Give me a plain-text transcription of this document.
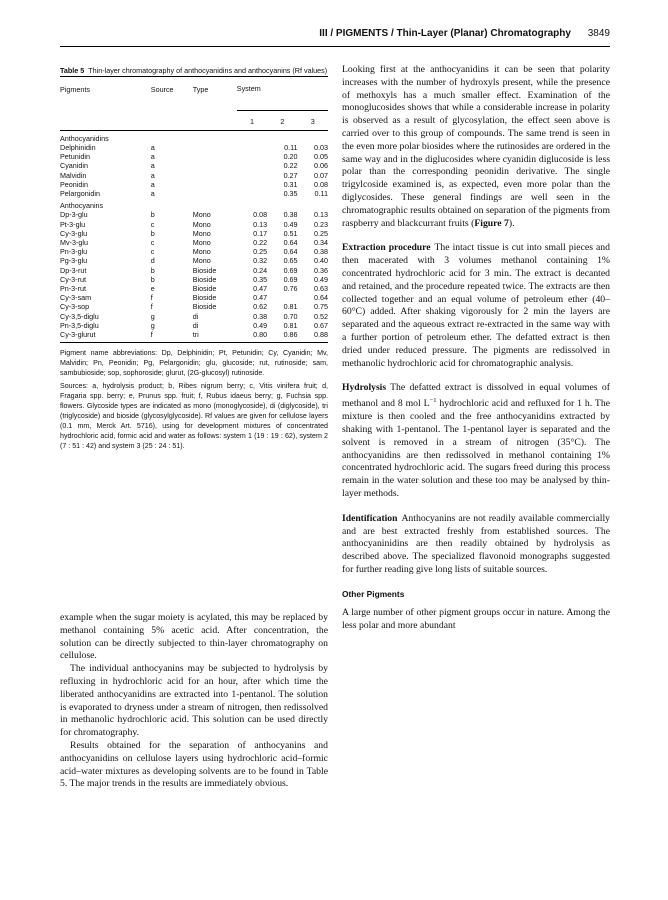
III / PIGMENTS / Thin-Layer (Planar) Chromatography 3849

Table 5 Thin-layer chromatography of anthocyanidins and anthocyanins (Rf values)

Pigments	Source	Type	System		
			1	2	3
Anthocyanidins					
Delphinidin	a			0.11	0.03
Petunidin	a			0.20	0.05
Cyanidin	a			0.22	0.06
Malvidin	a			0.27	0.07
Peonidin	a			0.31	0.08
Pelargonidin	a			0.35	0.11
Anthocyanins					
Dp-3-glu	b	Mono	0.08	0.38	0.13
Pt-3-glu	c	Mono	0.13	0.49	0.23
Cy-3-glu	b	Mono	0.17	0.51	0.25
Mv-3-glu	c	Mono	0.22	0.64	0.34
Pn-3-glu	c	Mono	0.25	0.64	0.38
Pg-3-glu	d	Mono	0.32	0.65	0.40
Dp-3-rut	b	Bioside	0.24	0.69	0.36
Cy-3-rut	b	Bioside	0.35	0.69	0.49
Pn-3-rut	e	Bioside	0.47	0.76	0.63
Cy-3-sam	f	Bioside	0.47		0.64
Cy-3-sop	f	Bioside	0.62	0.81	0.75
Cy-3,5-diglu	g	di	0.38	0.70	0.52
Pn-3,5-diglu	g	di	0.49	0.81	0.67
Cy-3-glurut	f	tri	0.80	0.86	0.88

Pigment name abbreviations: Dp, Delphinidin; Pt, Petunidin; Cy, Cyanidin; Mv, Malvidin; Pn, Peonidin; Pg, Pelargonidin; glu, glucoside; rut, rutinoside; sam, sambubioside; sop, sophoroside; glurut, (2G-glucosyl) rutinoside.

Sources: a, hydrolysis product; b, Ribes nigrum berry; c, Vitis vinifera fruit; d, Fragaria spp. berry; e, Prunus spp. fruit; f, Rubus idaeus berry; g, Fuchsia spp. flowers. Glycoside types are indicated as mono (monoglycoside), di (diglycoside), tri (triglycoside) and bioside (glycosylglycoside). Rf values are given for cellulose layers (0.1 mm, Merck Art. 5716), using for development mixtures of concentrated hydrochloric acid, formic acid and water as follows: system 1 (19 : 19 : 62), system 2 (7 : 51 : 42) and system 3 (25 : 24 : 51).

example when the sugar moiety is acylated, this may be replaced by methanol containing 5% acetic acid. After concentration, the solution can be directly subjected to thin-layer chromatography on cellulose.

The individual anthocyanins may be subjected to hydrolysis by refluxing in hydrochloric acid for an hour, after which time the liberated anthocyanidins are extracted into 1-pentanol. The solution is evaporated to dryness under a stream of nitrogen, then redissolved in methanolic hydrochloric acid. This solution can be used directly for chromatography.

Results obtained for the separation of anthocyanins and anthocyanidins on cellulose layers using hydrochloric acid–formic acid–water mixtures as developing solvents are to be found in Table 5. The major trends in the results are immediately obvious.

Looking first at the anthocyanidins it can be seen that polarity increases with the number of hydroxyls present, while the presence of methoxyls has a much smaller effect. Examination of the monoglucosides shows that while a considerable increase in polarity is observed as a result of glycosylation, the effect seen above is carried over to this group of compounds. The same trend is seen in the even more polar biosides where the rutinosides are ordered in the same way and in the diglucosides where cyanidin diglucoside is less polar than the corresponding peonidin derivative. The single trigylcoside examined is, as expected, even more polar than the diglycosides. These general findings are well seen in the chromatographic results obtained on separation of the pigments from raspberry and blackcurrant fruits (Figure 7).

Extraction procedure The intact tissue is cut into small pieces and then macerated with 3 volumes methanol containing 1% concentrated hydrochloric acid for 3 min. The extract is decanted and retained, and the procedure repeated twice. The extracts are then collected together and an equal volume of petroleum ether (40–60°C) added. After shaking vigorously for 2 min the layers are separated and the aqueous extract re-extracted in the same way with a further portion of petroleum ether. The defatted extract is then dried under reduced pressure. The pigments are redissolved in methanolic hydrochloric acid for chromatographic analysis.

Hydrolysis The defatted extract is dissolved in equal volumes of methanol and 8 mol $L^{-1}$ hydrochloric acid and refluxed for 1 h. The mixture is then cooled and the free anthocyanidins extracted by shaking with 1-pentanol. The 1-pentanol layer is separated and the solvent is removed in a stream of nitrogen (35°C). The anthocyanidins are then redissolved in methanol containing 1% concentrated hydrochloric acid. The sugars freed during this process remain in the water solution and these too may be analysed by thin-layer methods.

Identification Anthocyanins are not readily available commercially and are best extracted freshly from established sources. The anthocyaninidins are then readily obtained by hydrolysis as described above. The specialized flavonoid monographs suggested for further reading give long lists of suitable sources.

Other Pigments

A large number of other pigment groups occur in nature. Among the less polar and more abundant
